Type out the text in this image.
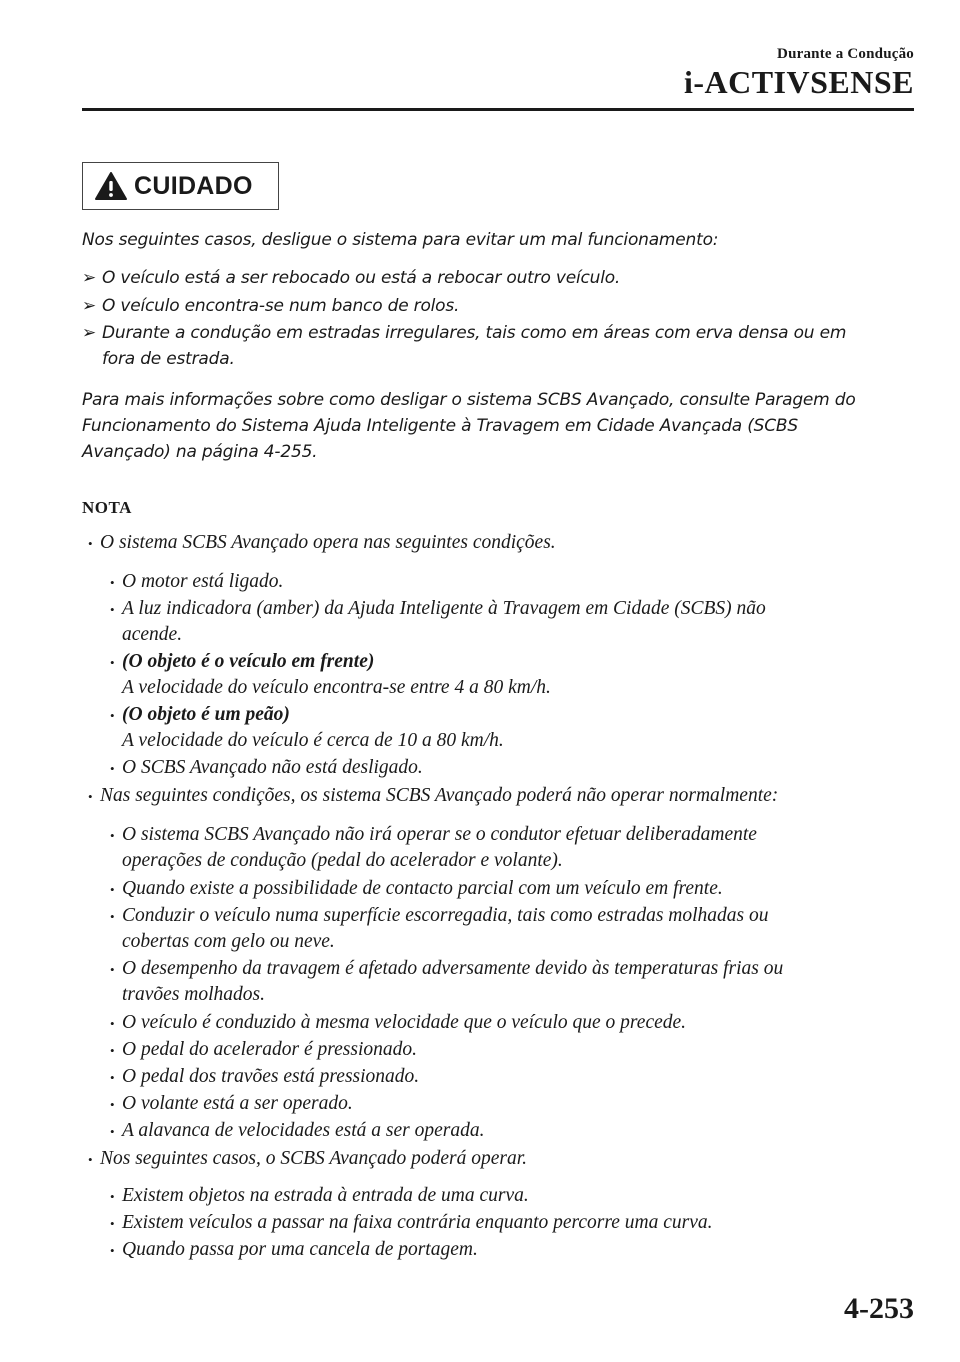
Durante a Condução
i-ACTIVSENSE
CUIDADO
Nos seguintes casos, desligue o sistema para evitar um mal funcionamento:
➢ O veículo está a ser rebocado ou está a rebocar outro veículo.
➢ O veículo encontra-se num banco de rolos.
➢ Durante a condução em estradas irregulares, tais como em áreas com erva densa ou em
fora de estrada.
Para mais informações sobre como desligar o sistema SCBS Avançado, consulte Paragem do
Funcionamento do Sistema Ajuda Inteligente à Travagem em Cidade Avançada (SCBS
Avançado) na página 4-255.
NOTA
• O sistema SCBS Avançado opera nas seguintes condições.
• O motor está ligado.
• A luz indicadora (amber) da Ajuda Inteligente à Travagem em Cidade (SCBS) não
acende.
• (O objeto é o veículo em frente)
A velocidade do veículo encontra-se entre 4 a 80 km/h.
• (O objeto é um peão)
A velocidade do veículo é cerca de 10 a 80 km/h.
• O SCBS Avançado não está desligado.
• Nas seguintes condições, os sistema SCBS Avançado poderá não operar normalmente:
• O sistema SCBS Avançado não irá operar se o condutor efetuar deliberadamente
operações de condução (pedal do acelerador e volante).
• Quando existe a possibilidade de contacto parcial com um veículo em frente.
• Conduzir o veículo numa superfície escorregadia, tais como estradas molhadas ou
cobertas com gelo ou neve.
• O desempenho da travagem é afetado adversamente devido às temperaturas frias ou
travões molhados.
• O veículo é conduzido à mesma velocidade que o veículo que o precede.
• O pedal do acelerador é pressionado.
• O pedal dos travões está pressionado.
• O volante está a ser operado.
• A alavanca de velocidades está a ser operada.
• Nos seguintes casos, o SCBS Avançado poderá operar.
• Existem objetos na estrada à entrada de uma curva.
• Existem veículos a passar na faixa contrária enquanto percorre uma curva.
• Quando passa por uma cancela de portagem.
4-253
